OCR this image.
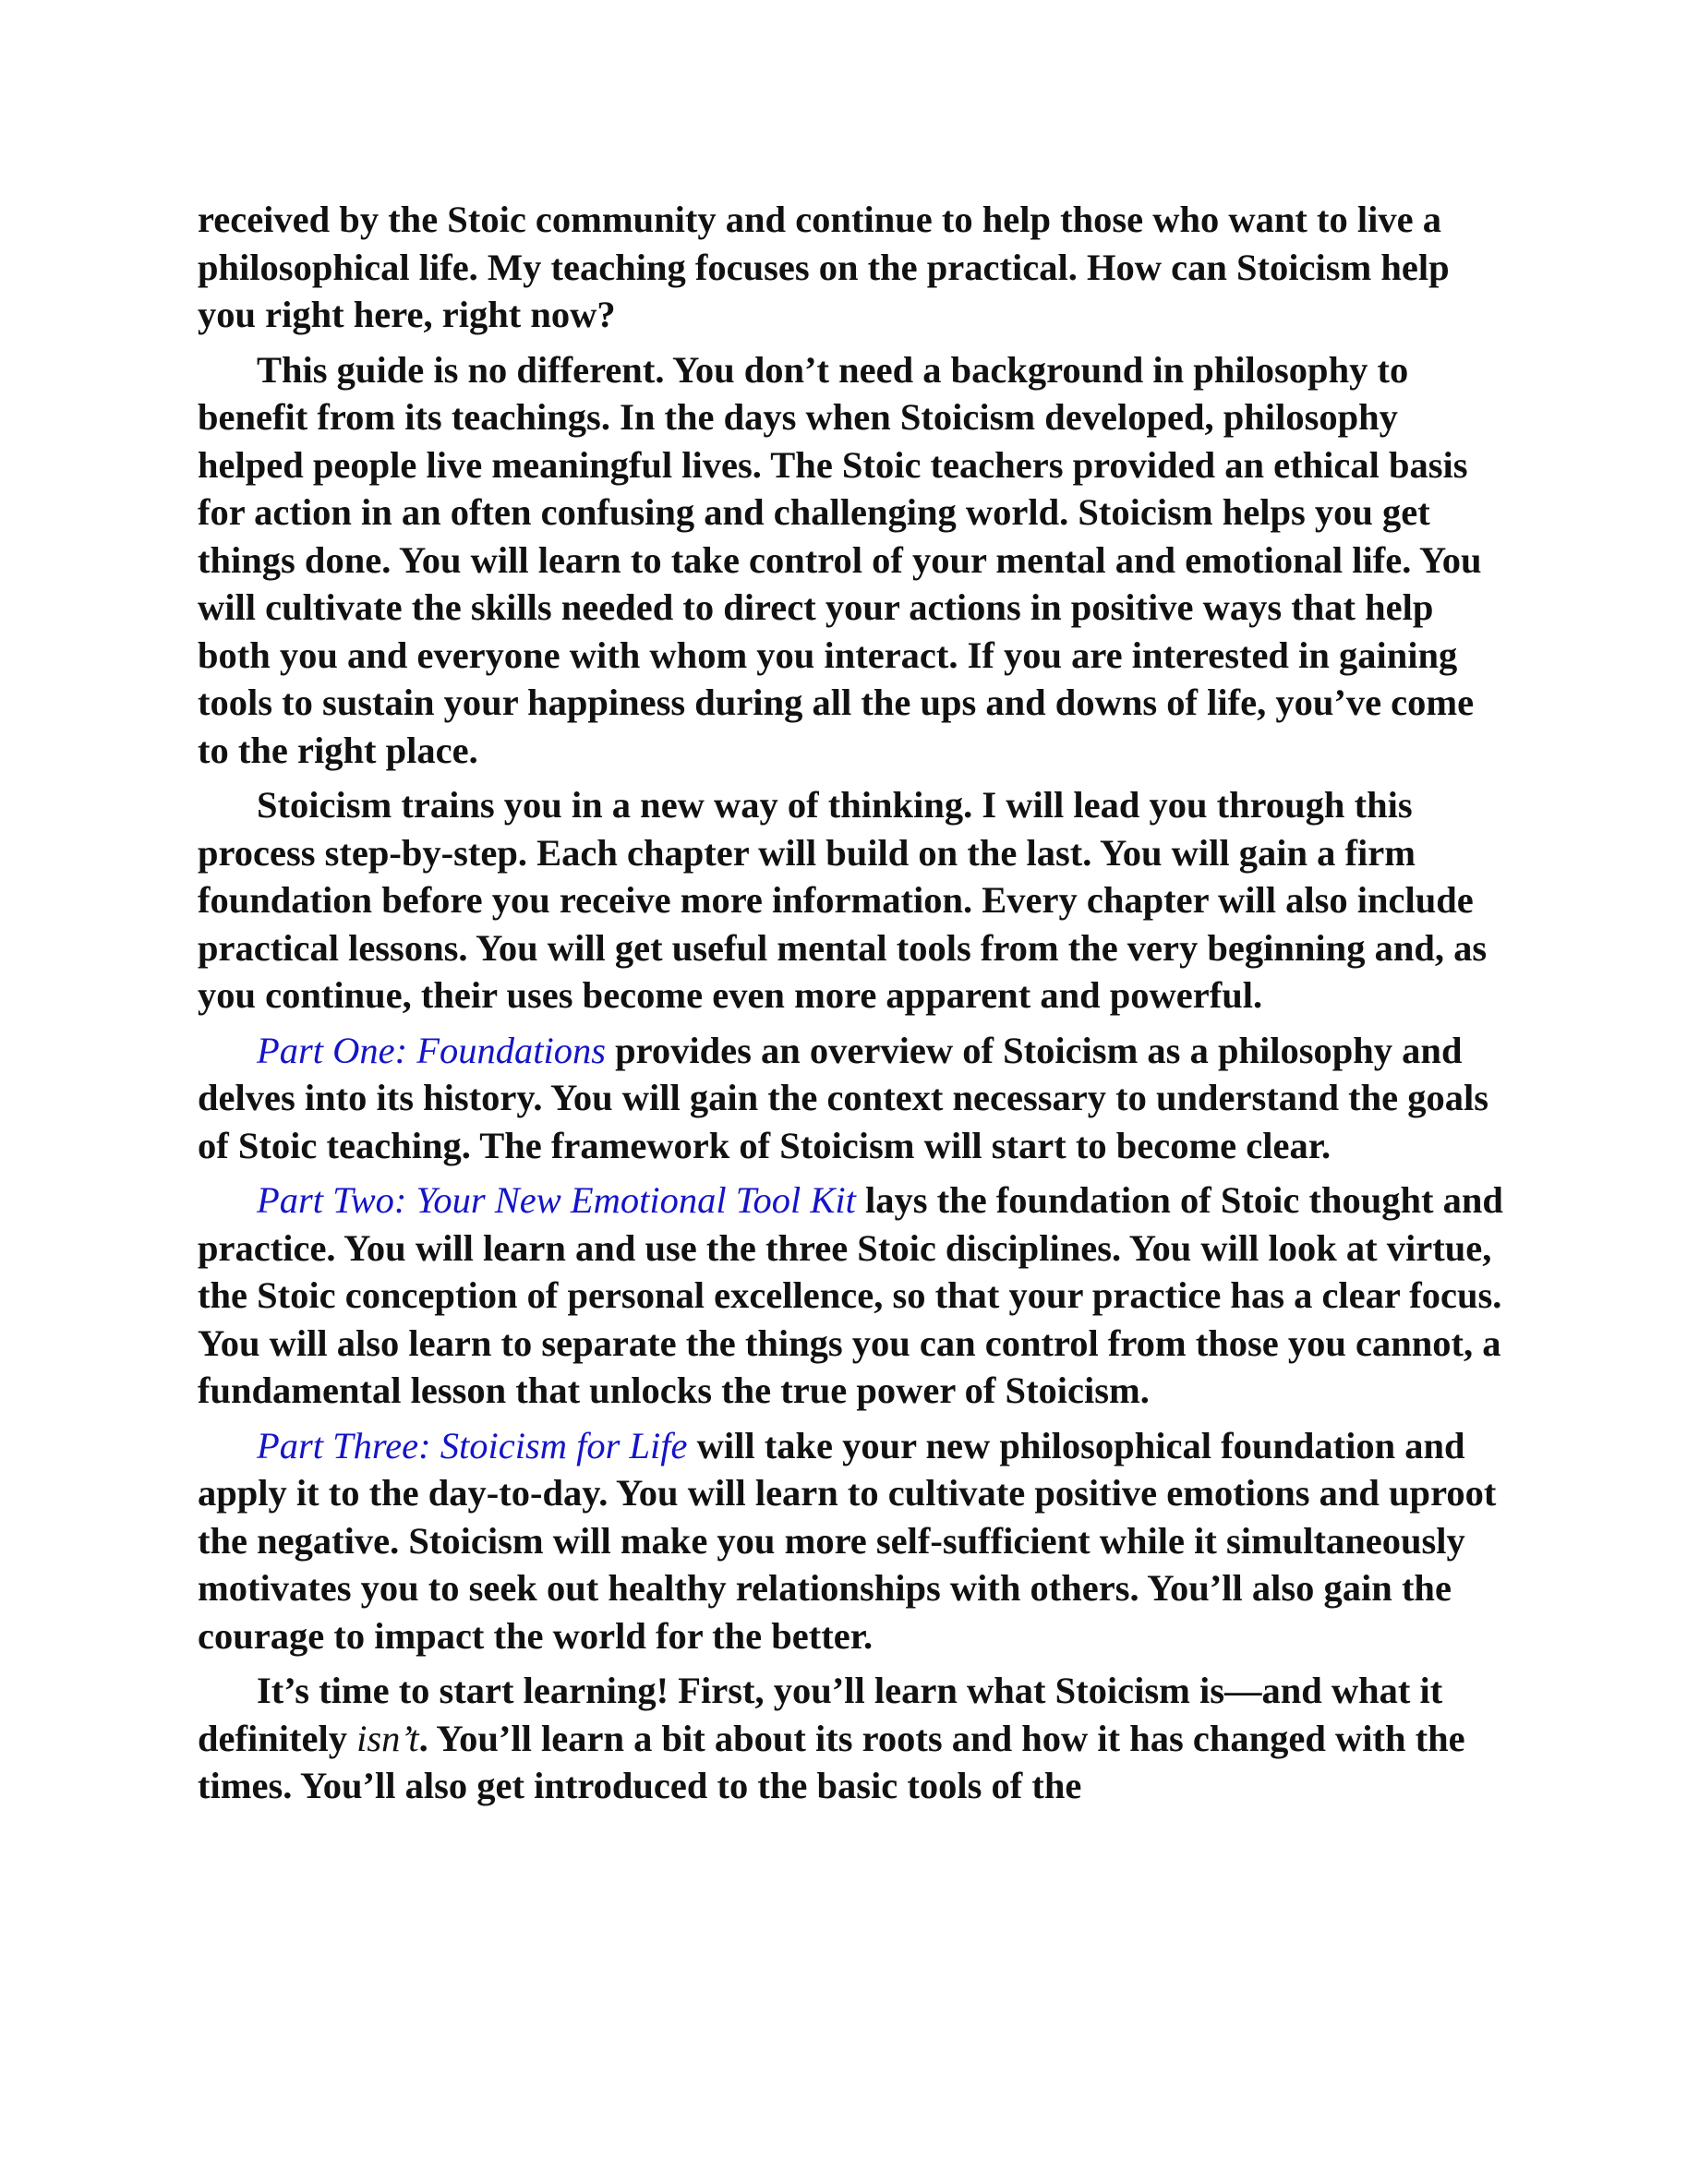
received by the Stoic community and continue to help those who want to live a philosophical life. My teaching focuses on the practical. How can Stoicism help you right here, right now?

This guide is no different. You don’t need a background in philosophy to benefit from its teachings. In the days when Stoicism developed, philosophy helped people live meaningful lives. The Stoic teachers provided an ethical basis for action in an often confusing and challenging world. Stoicism helps you get things done. You will learn to take control of your mental and emotional life. You will cultivate the skills needed to direct your actions in positive ways that help both you and everyone with whom you interact. If you are interested in gaining tools to sustain your happiness during all the ups and downs of life, you’ve come to the right place.

Stoicism trains you in a new way of thinking. I will lead you through this process step-by-step. Each chapter will build on the last. You will gain a firm foundation before you receive more information. Every chapter will also include practical lessons. You will get useful mental tools from the very beginning and, as you continue, their uses become even more apparent and powerful.

Part One: Foundations provides an overview of Stoicism as a philosophy and delves into its history. You will gain the context necessary to understand the goals of Stoic teaching. The framework of Stoicism will start to become clear.

Part Two: Your New Emotional Tool Kit lays the foundation of Stoic thought and practice. You will learn and use the three Stoic disciplines. You will look at virtue, the Stoic conception of personal excellence, so that your practice has a clear focus. You will also learn to separate the things you can control from those you cannot, a fundamental lesson that unlocks the true power of Stoicism.

Part Three: Stoicism for Life will take your new philosophical foundation and apply it to the day-to-day. You will learn to cultivate positive emotions and uproot the negative. Stoicism will make you more self-sufficient while it simultaneously motivates you to seek out healthy relationships with others. You’ll also gain the courage to impact the world for the better.

It’s time to start learning! First, you’ll learn what Stoicism is—and what it definitely isn’t. You’ll learn a bit about its roots and how it has changed with the times. You’ll also get introduced to the basic tools of the
